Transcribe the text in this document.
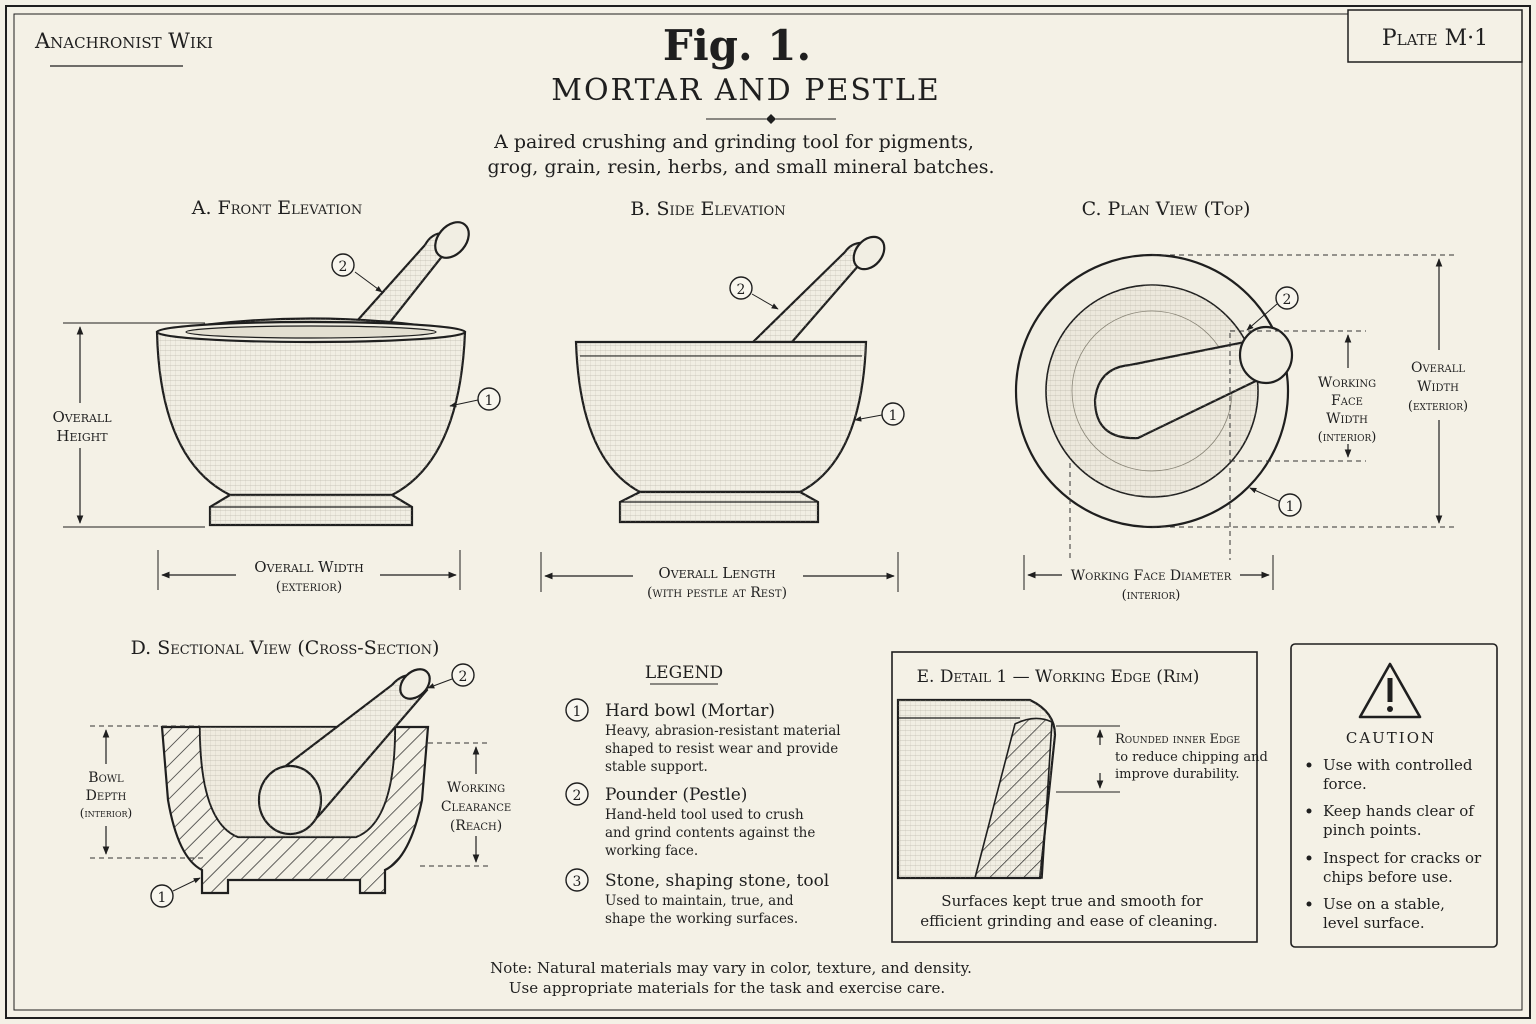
Anachronist Wiki	Plate M·1
Fig. 1.
MORTAR AND PESTLE
A paired crushing and grinding tool for pigments,
grog, grain, resin, herbs, and small mineral batches.
A. Front Elevation
Overall
Height
Overall Width
(exterior)
2
1
B. Side Elevation
Overall Length
(with pestle at Rest)
2
1
C. Plan View (Top)
Working
Face
Width
(interior)
Overall
Width
(exterior)
Working Face Diameter
(interior)
2
1
D. Sectional View (Cross-Section)
Bowl
Depth
(interior)
Working
Clearance
(Reach)
2
1
LEGEND
1 Hard bowl (Mortar)
Heavy, abrasion-resistant material
shaped to resist wear and provide
stable support.
2 Pounder (Pestle)
Hand-held tool used to crush
and grind contents against the
working face.
3 Stone, shaping stone, tool
Used to maintain, true, and
shape the working surfaces.
E. Detail 1 — Working Edge (Rim)
Rounded inner Edge
to reduce chipping and
improve durability.
Surfaces kept true and smooth for
efficient grinding and ease of cleaning.
CAUTION
Use with controlled
force.
Keep hands clear of
pinch points.
Inspect for cracks or
chips before use.
Use on a stable,
level surface.
Note: Natural materials may vary in color, texture, and density.
Use appropriate materials for the task and exercise care.
